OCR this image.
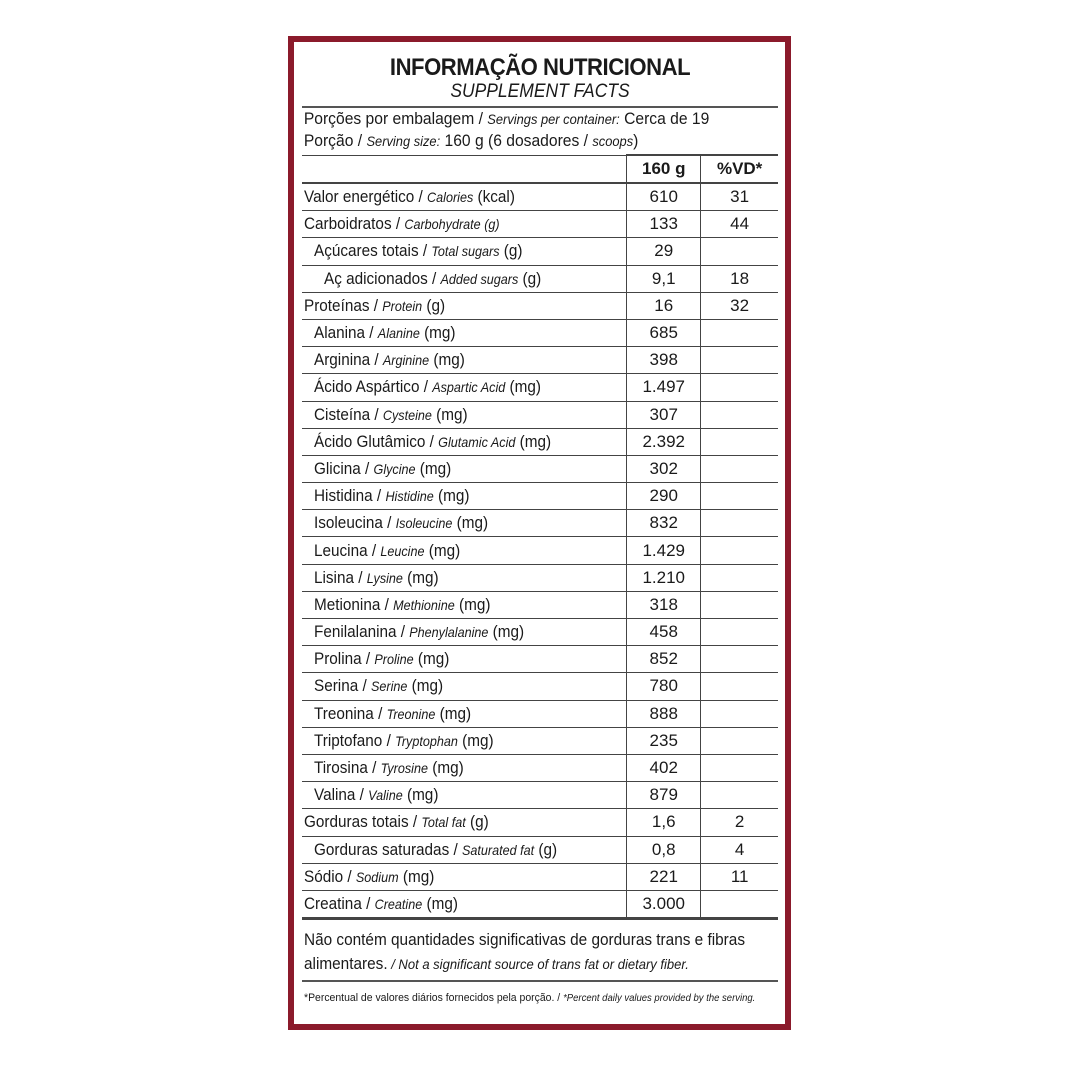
INFORMAÇÃO NUTRICIONAL
SUPPLEMENT FACTS
Porções por embalagem / Servings per container: Cerca de 19
Porção / Serving size: 160 g (6 dosadores / scoops)
	160 g	%VD*
Valor energético / Calories (kcal)	610	31
Carboidratos / Carbohydrate (g)	133	44
Açúcares totais / Total sugars (g)	29	
Aç adicionados / Added sugars (g)	9,1	18
Proteínas / Protein (g)	16	32
Alanina / Alanine (mg)	685	
Arginina / Arginine (mg)	398	
Ácido Aspártico / Aspartic Acid (mg)	1.497	
Cisteína / Cysteine (mg)	307	
Ácido Glutâmico / Glutamic Acid (mg)	2.392	
Glicina / Glycine (mg)	302	
Histidina / Histidine (mg)	290	
Isoleucina / Isoleucine (mg)	832	
Leucina / Leucine (mg)	1.429	
Lisina / Lysine (mg)	1.210	
Metionina / Methionine (mg)	318	
Fenilalanina / Phenylalanine (mg)	458	
Prolina / Proline (mg)	852	
Serina / Serine (mg)	780	
Treonina / Treonine (mg)	888	
Triptofano / Tryptophan (mg)	235	
Tirosina / Tyrosine (mg)	402	
Valina / Valine (mg)	879	
Gorduras totais / Total fat (g)	1,6	2
Gorduras saturadas / Saturated fat (g)	0,8	4
Sódio / Sodium (mg)	221	11
Creatina / Creatine (mg)	3.000	
Não contém quantidades significativas de gorduras trans e fibras alimentares. / Not a significant source of trans fat or dietary fiber.
*Percentual de valores diários fornecidos pela porção. / *Percent daily values provided by the serving.
